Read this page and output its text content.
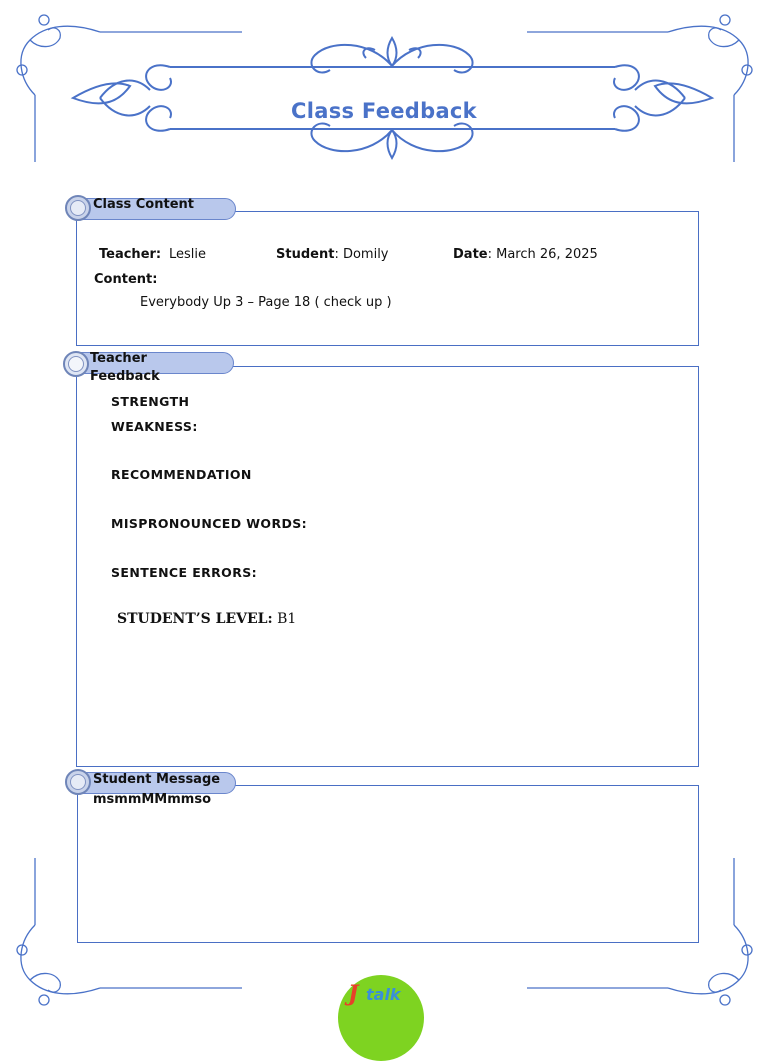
Class Feedback
Class Content
Teacher: Leslie	Student: Domily	Date: March 26, 2025
Content:
Everybody Up 3 – Page 18 ( check up )
Teacher
Feedback
STRENGTH
WEAKNESS:
RECOMMENDATION
MISPRONOUNCED WORDS:
SENTENCE ERRORS:
STUDENT’S LEVEL: B1
Student Message
msmmMMmmso
J talk
